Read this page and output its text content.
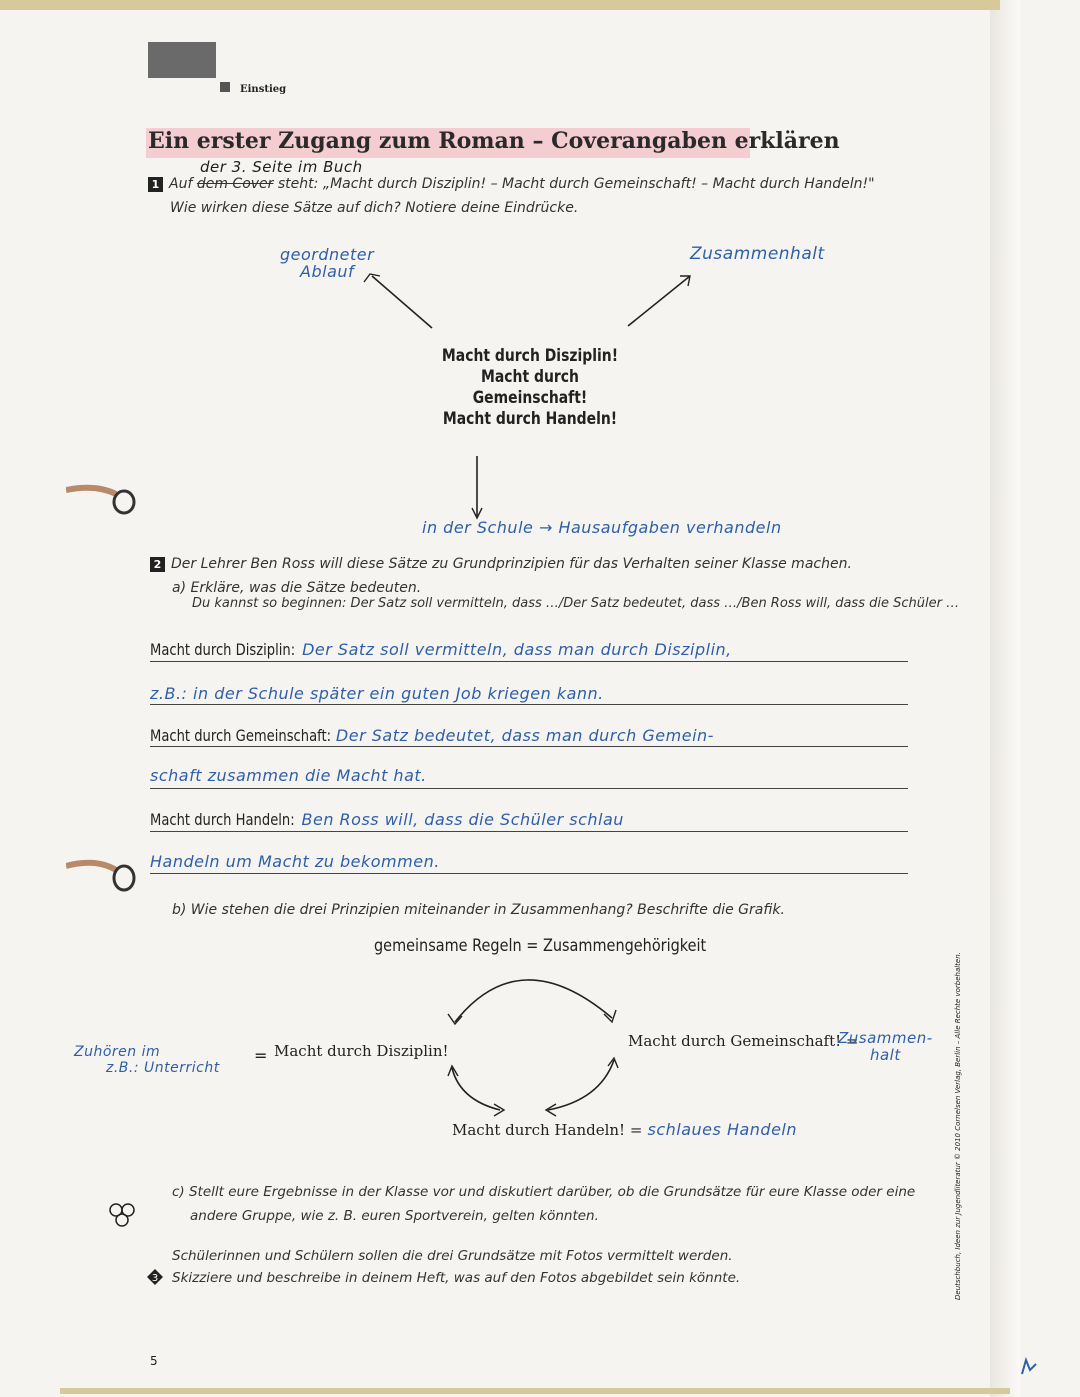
Einstieg
Ein erster Zugang zum Roman – Coverangaben erklären
der 3. Seite im Buch
1 Auf dem Cover steht: „Macht durch Disziplin! – Macht durch Gemeinschaft! – Macht durch Handeln!"
Wie wirken diese Sätze auf dich? Notiere deine Eindrücke.
geordneter
Ablauf
Zusammenhalt
Macht durch Disziplin!
Macht durch Gemeinschaft!
Macht durch Handeln!
in der Schule → Hausaufgaben verhandeln
2 Der Lehrer Ben Ross will diese Sätze zu Grundprinzipien für das Verhalten seiner Klasse machen.
a) Erkläre, was die Sätze bedeuten.
Du kannst so beginnen: Der Satz soll vermitteln, dass …/Der Satz bedeutet, dass …/Ben Ross will, dass die Schüler …
Macht durch Disziplin: Der Satz soll vermitteln, dass man durch Disziplin,
z.B.: in der Schule später ein guten Job kriegen kann.
Macht durch Gemeinschaft: Der Satz bedeutet, dass man durch Gemein-
schaft zusammen die Macht hat.
Macht durch Handeln: Ben Ross will, dass die Schüler schlau
Handeln um Macht zu bekommen.
b) Wie stehen die drei Prinzipien miteinander in Zusammenhang? Beschrifte die Grafik.
gemeinsame Regeln = Zusammengehörigkeit
Zuhören im
z.B.: Unterricht
= Macht durch Disziplin!
Macht durch Gemeinschaft! =
Zusammen-
halt
Macht durch Handeln! = schlaues Handeln
c) Stellt eure Ergebnisse in der Klasse vor und diskutiert darüber, ob die Grundsätze für eure Klasse oder eine
andere Gruppe, wie z. B. euren Sportverein, gelten könnten.
3
Schülerinnen und Schülern sollen die drei Grundsätze mit Fotos vermittelt werden.
Skizziere und beschreibe in deinem Heft, was auf den Fotos abgebildet sein könnte.
5
Deutschbuch, Ideen zur Jugendliteratur © 2010 Cornelsen Verlag, Berlin – Alle Rechte vorbehalten.
